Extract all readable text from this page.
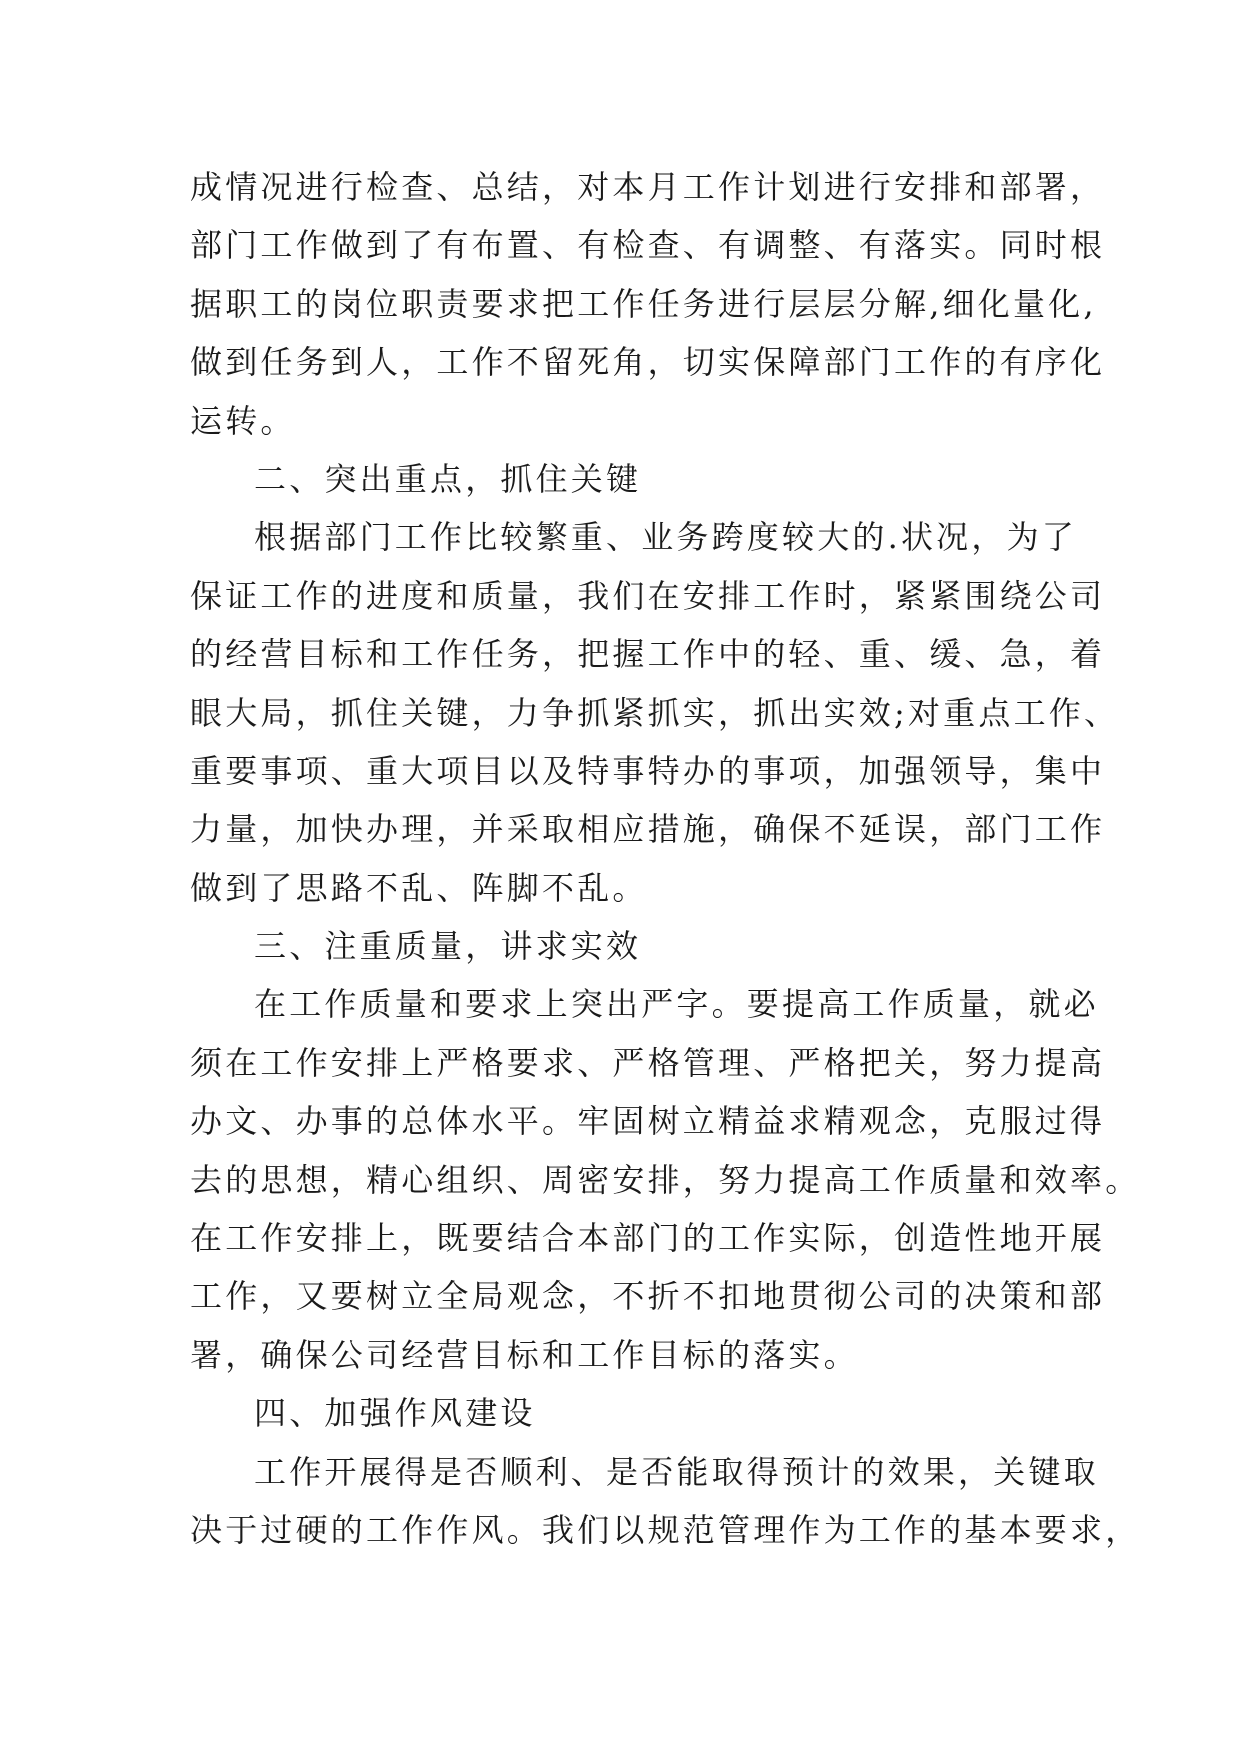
成情况进行检查、总结，对本月工作计划进行安排和部署，
部门工作做到了有布置、有检查、有调整、有落实。同时根
据职工的岗位职责要求把工作任务进行层层分解,细化量化,
做到任务到人，工作不留死角，切实保障部门工作的有序化
运转。
二、突出重点，抓住关键
根据部门工作比较繁重、业务跨度较大的.状况，为了
保证工作的进度和质量，我们在安排工作时，紧紧围绕公司
的经营目标和工作任务，把握工作中的轻、重、缓、急，着
眼大局，抓住关键，力争抓紧抓实，抓出实效;对重点工作、
重要事项、重大项目以及特事特办的事项，加强领导，集中
力量，加快办理，并采取相应措施，确保不延误，部门工作
做到了思路不乱、阵脚不乱。
三、注重质量，讲求实效
在工作质量和要求上突出严字。要提高工作质量，就必
须在工作安排上严格要求、严格管理、严格把关，努力提高
办文、办事的总体水平。牢固树立精益求精观念，克服过得
去的思想，精心组织、周密安排，努力提高工作质量和效率。
在工作安排上，既要结合本部门的工作实际，创造性地开展
工作，又要树立全局观念，不折不扣地贯彻公司的决策和部
署，确保公司经营目标和工作目标的落实。
四、加强作风建设
工作开展得是否顺利、是否能取得预计的效果，关键取
决于过硬的工作作风。我们以规范管理作为工作的基本要求，
